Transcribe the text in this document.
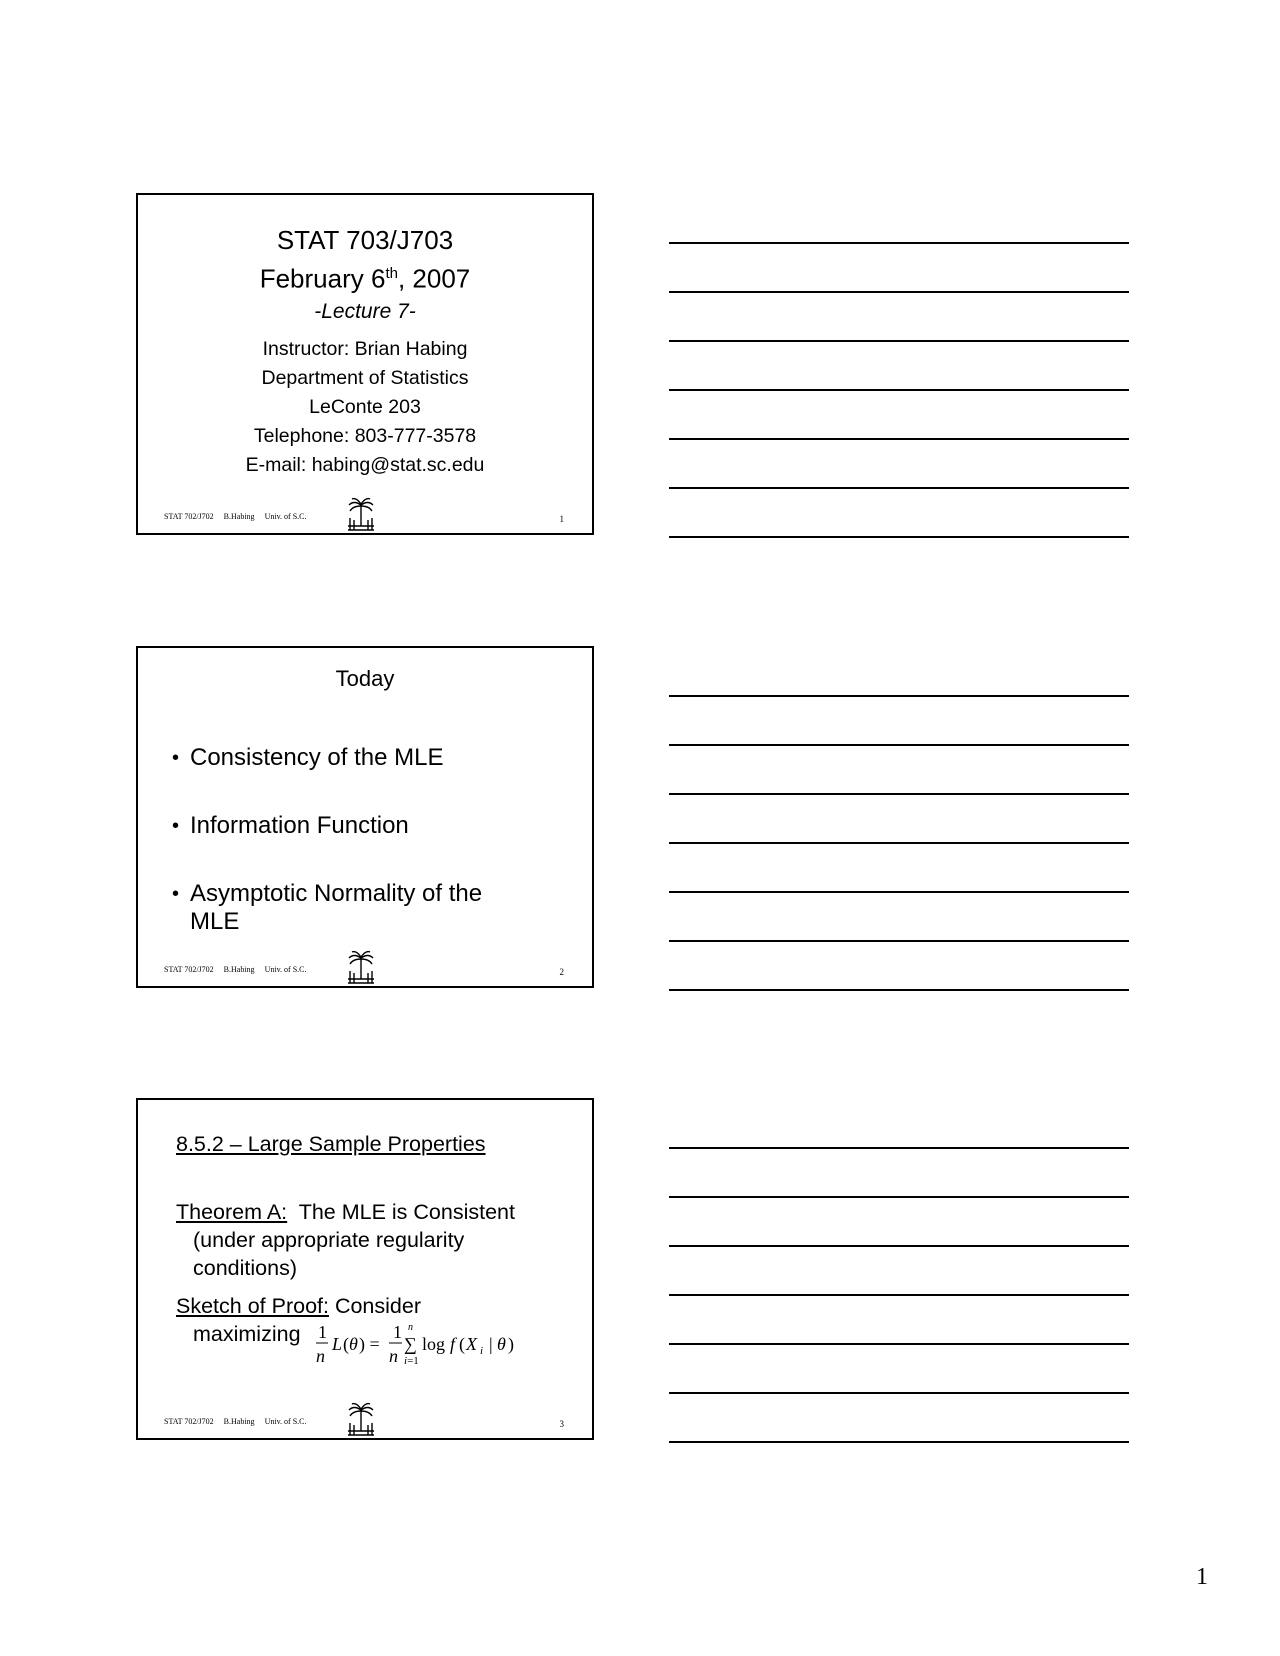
STAT 703/J703
February 6th, 2007
-Lecture 7-
Instructor: Brian Habing
Department of Statistics
LeConte 203
Telephone: 803-777-3578
E-mail: habing@stat.sc.edu
STAT 702/J702 B.Habing Univ. of S.C.	1
Today
• Consistency of the MLE
• Information Function
• Asymptotic Normality of the MLE
STAT 702/J702 B.Habing Univ. of S.C.	2
8.5.2 – Large Sample Properties
Theorem A:  The MLE is Consistent
(under appropriate regularity
conditions)
Sketch of Proof: Consider
maximizing 1
n
L ( θ ) =
1
n
n
∑
i=1
log f ( X i | θ )
STAT 702/J702 B.Habing Univ. of S.C.	3
1
